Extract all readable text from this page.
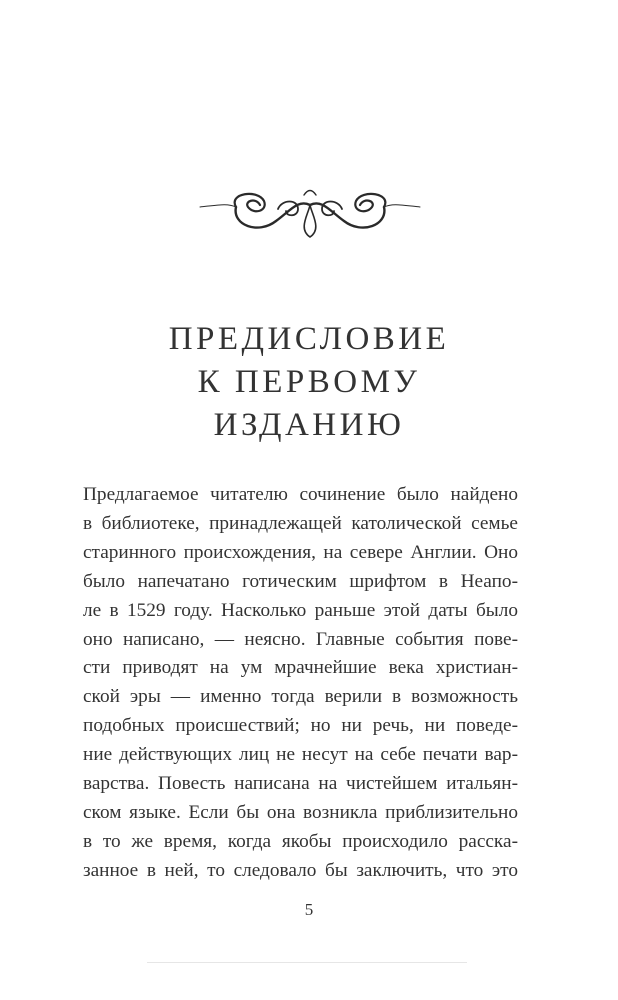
ПРЕДИСЛОВИЕ
К ПЕРВОМУ
ИЗДАНИЮ
Предлагаемое читателю сочинение было найдено
в библиотеке, принадлежащей католической семье
старинного происхождения, на севере Англии. Оно
было напечатано готическим шрифтом в Неапо-
ле в 1529 году. Насколько раньше этой даты было
оно написано, — неясно. Главные события пове-
сти приводят на ум мрачнейшие века христиан-
ской эры — именно тогда верили в возможность
подобных происшествий; но ни речь, ни поведе-
ние действующих лиц не несут на себе печати вар-
варства. Повесть написана на чистейшем итальян-
ском языке. Если бы она возникла приблизительно
в то же время, когда якобы происходило расска-
занное в ней, то следовало бы заключить, что это
5
